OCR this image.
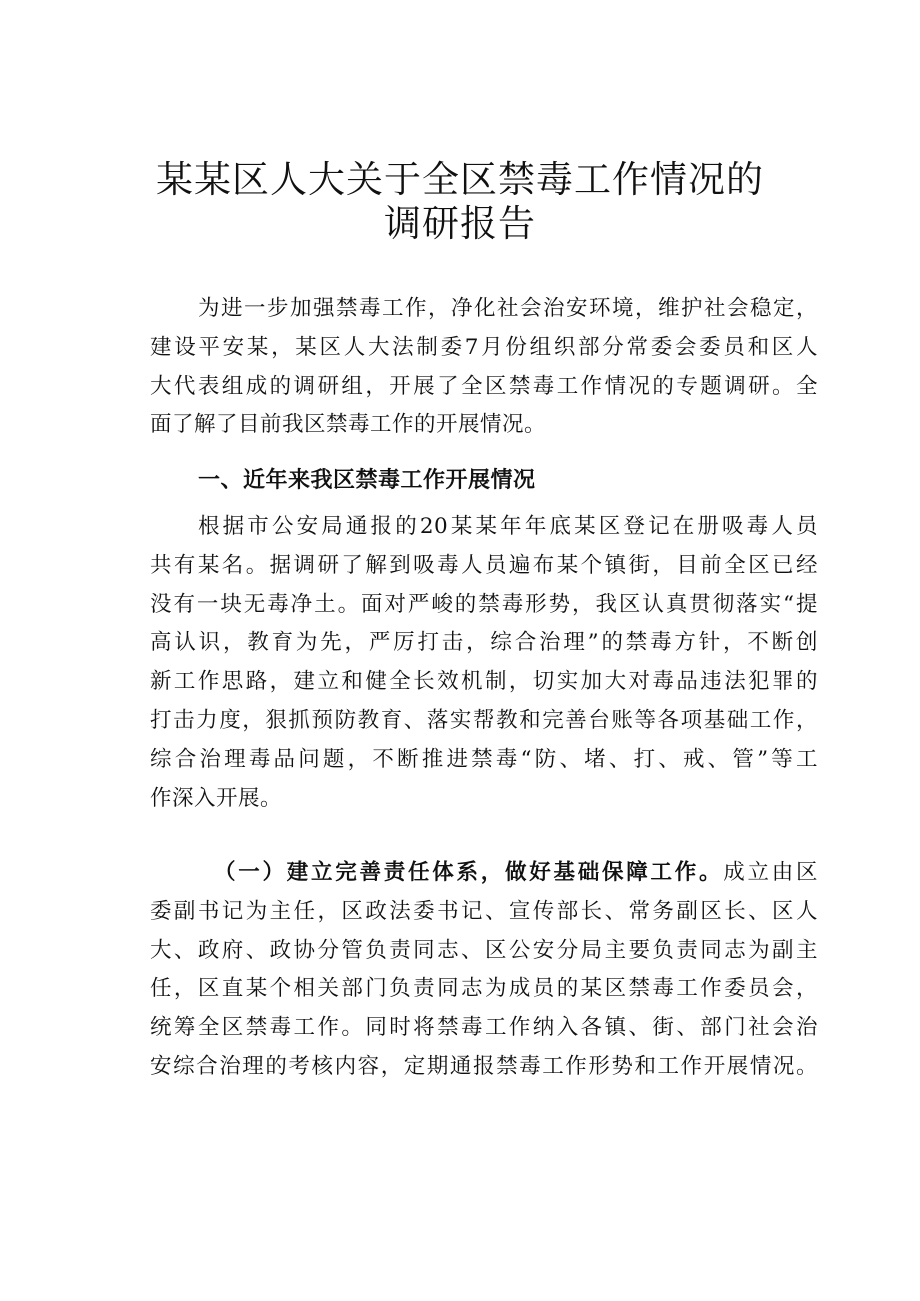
某某区人大关于全区禁毒工作情况的
调研报告
为进一步加强禁毒工作，净化社会治安环境，维护社会稳定，
建设平安某，某区人大法制委7月份组织部分常委会委员和区人
大代表组成的调研组，开展了全区禁毒工作情况的专题调研。全
面了解了目前我区禁毒工作的开展情况。
一、近年来我区禁毒工作开展情况
根据市公安局通报的20某某年年底某区登记在册吸毒人员
共有某名。据调研了解到吸毒人员遍布某个镇街，目前全区已经
没有一块无毒净土。面对严峻的禁毒形势，我区认真贯彻落实“提
高认识，教育为先，严厉打击，综合治理”的禁毒方针，不断创
新工作思路，建立和健全长效机制，切实加大对毒品违法犯罪的
打击力度，狠抓预防教育、落实帮教和完善台账等各项基础工作，
综合治理毒品问题，不断推进禁毒“防、堵、打、戒、管”等工
作深入开展。
（一）建立完善责任体系，做好基础保障工作。成立由区
委副书记为主任，区政法委书记、宣传部长、常务副区长、区人
大、政府、政协分管负责同志、区公安分局主要负责同志为副主
任，区直某个相关部门负责同志为成员的某区禁毒工作委员会，
统筹全区禁毒工作。同时将禁毒工作纳入各镇、街、部门社会治
安综合治理的考核内容，定期通报禁毒工作形势和工作开展情况。
